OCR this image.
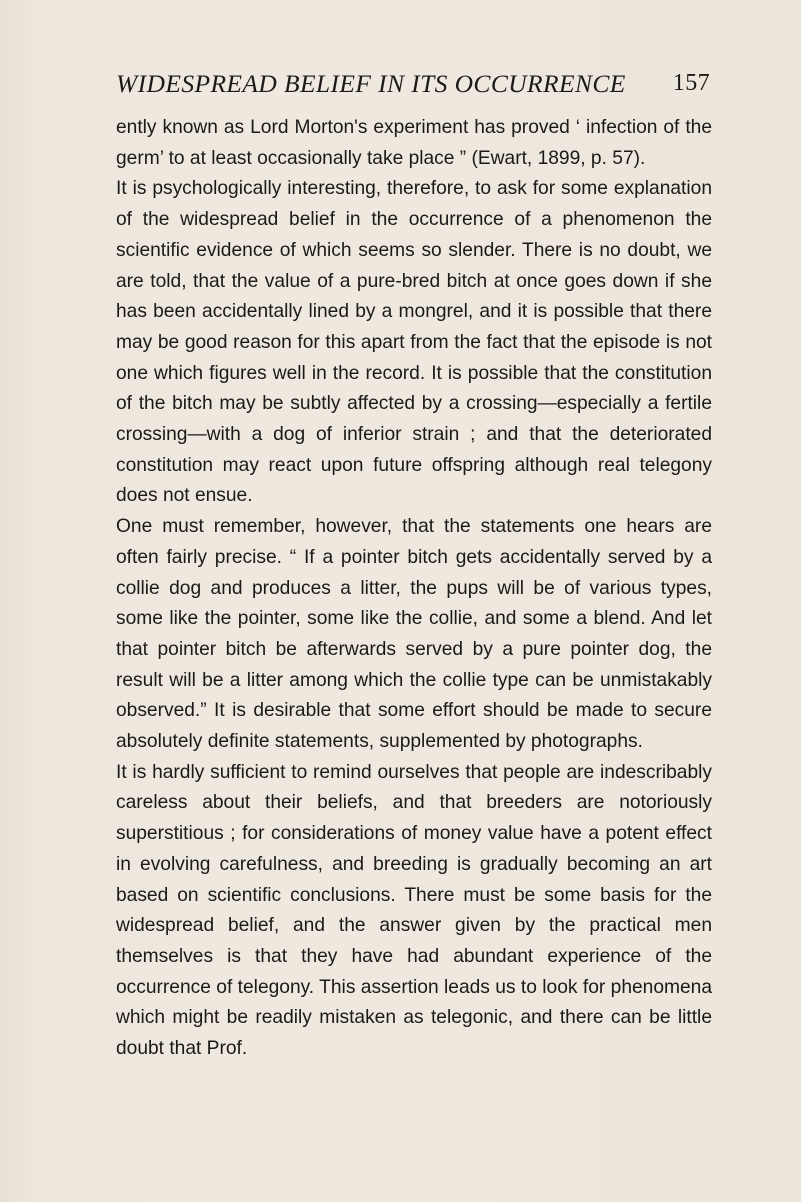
WIDESPREAD BELIEF IN ITS OCCURRENCE 157

ently known as Lord Morton's experiment has proved ‘ infection of the germ’ to at least occasionally take place ” (Ewart, 1899, p. 57).

It is psychologically interesting, therefore, to ask for some explanation of the widespread belief in the occurrence of a phenomenon the scientific evidence of which seems so slender. There is no doubt, we are told, that the value of a pure-bred bitch at once goes down if she has been accidentally lined by a mongrel, and it is possible that there may be good reason for this apart from the fact that the episode is not one which figures well in the record. It is possible that the constitution of the bitch may be subtly affected by a crossing—especially a fertile crossing—with a dog of inferior strain ; and that the deteriorated constitution may react upon future offspring although real telegony does not ensue.

One must remember, however, that the statements one hears are often fairly precise. “ If a pointer bitch gets accidentally served by a collie dog and produces a litter, the pups will be of various types, some like the pointer, some like the collie, and some a blend. And let that pointer bitch be afterwards served by a pure pointer dog, the result will be a litter among which the collie type can be unmistakably observed.” It is desirable that some effort should be made to secure absolutely definite statements, supplemented by photographs.

It is hardly sufficient to remind ourselves that people are indescribably careless about their beliefs, and that breeders are notoriously superstitious ; for considerations of money value have a potent effect in evolving carefulness, and breeding is gradually becoming an art based on scientific conclusions. There must be some basis for the widespread belief, and the answer given by the practical men themselves is that they have had abundant experience of the occurrence of telegony. This assertion leads us to look for phenomena which might be readily mistaken as telegonic, and there can be little doubt that Prof.
